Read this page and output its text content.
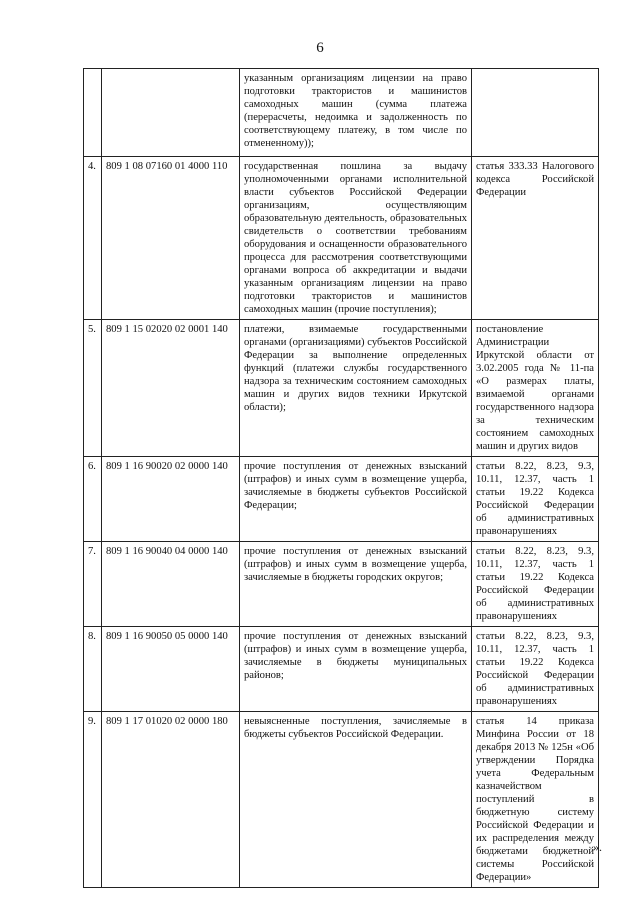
6
		указанным организациям лицензии на право подготовки трактористов и машинистов самоходных машин (сумма платежа (перерасчеты, недоимка и задолженность по соответствующему платежу, в том числе по отмененному));	
4.	809 1 08 07160 01 4000 110	государственная пошлина за выдачу уполномоченными органами исполнительной власти субъектов Российской Федерации организациям, осуществляющим образовательную деятельность, образовательных свидетельств о соответствии требованиям оборудования и оснащенности образовательного процесса для рассмотрения соответствующими органами вопроса об аккредитации и выдачи указанным организациям лицензии на право подготовки трактористов и машинистов самоходных машин (прочие поступления);	статья 333.33 Налогового кодекса Российской Федерации
5.	809 1 15 02020 02 0001 140	платежи, взимаемые государственными органами (организациями) субъектов Российской Федерации за выполнение определенных функций (платежи службы государственного надзора за техническим состоянием самоходных машин и других видов техники Иркутской области);	постановление Администрации Иркутской области от 3.02.2005 года № 11-па «О размерах платы, взимаемой органами государственного надзора за техническим состоянием самоходных машин и других видов
6.	809 1 16 90020 02 0000 140	прочие поступления от денежных взысканий (штрафов) и иных сумм в возмещение ущерба, зачисляемые в бюджеты субъектов Российской Федерации;	статьи 8.22, 8.23, 9.3, 10.11, 12.37, часть 1 статьи 19.22 Кодекса Российской Федерации об административных правонарушениях
7.	809 1 16 90040 04 0000 140	прочие поступления от денежных взысканий (штрафов) и иных сумм в возмещение ущерба, зачисляемые в бюджеты городских округов;	статьи 8.22, 8.23, 9.3, 10.11, 12.37, часть 1 статьи 19.22 Кодекса Российской Федерации об административных правонарушениях
8.	809 1 16 90050 05 0000 140	прочие поступления от денежных взысканий (штрафов) и иных сумм в возмещение ущерба, зачисляемые в бюджеты муниципальных районов;	статьи 8.22, 8.23, 9.3, 10.11, 12.37, часть 1 статьи 19.22 Кодекса Российской Федерации об административных правонарушениях
9.	809 1 17 01020 02 0000 180	невыясненные поступления, зачисляемые в бюджеты субъектов Российской Федерации.	статья 14 приказа Минфина России от 18 декабря 2013 № 125н «Об утверждении Порядка учета Федеральным казначейством поступлений в бюджетную систему Российской Федерации и их распределения между бюджетами бюджетной системы Российской Федерации»
».
